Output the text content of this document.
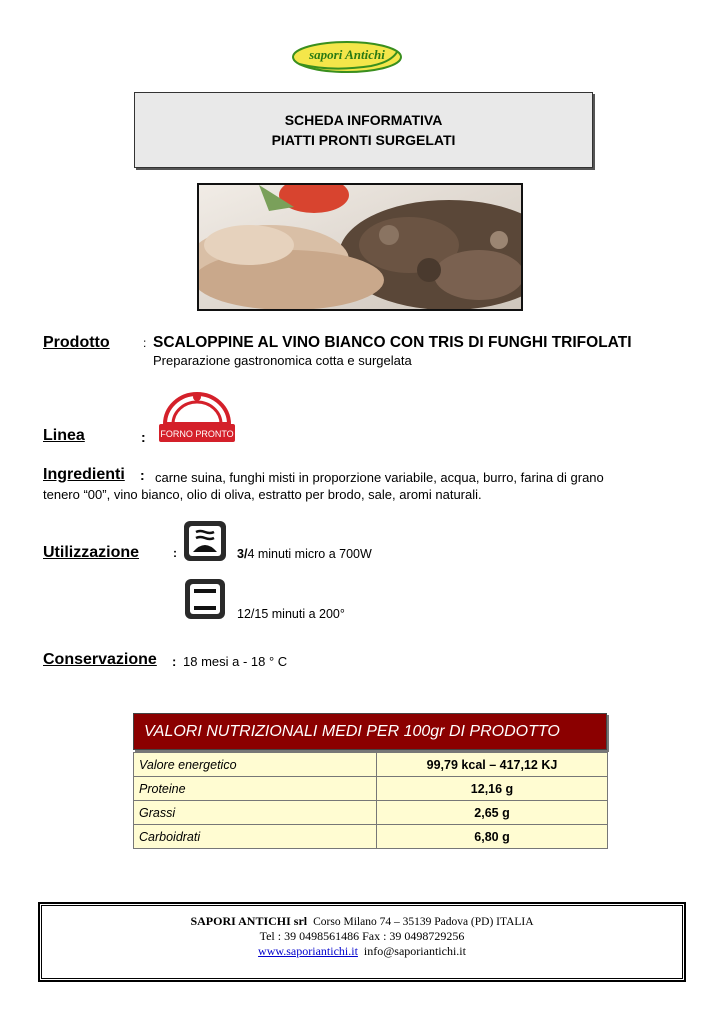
sapori Antichi
SCHEDA INFORMATIVA
PIATTI PRONTI SURGELATI
Prodotto	: SCALOPPINE AL VINO BIANCO CON TRIS DI FUNGHI TRIFOLATI
Preparazione gastronomica cotta e surgelata
Linea	: FORNO PRONTO
Ingredienti : carne suina, funghi misti in proporzione variabile, acqua, burro, farina di grano
tenero “00”, vino bianco, olio di oliva, estratto per brodo, sale, aromi naturali.
Utilizzazione	:	3/4 minuti micro a 700W
12/15 minuti a 200°
Conservazione : 18 mesi a - 18 ° C
VALORI NUTRIZIONALI MEDI PER 100gr DI PRODOTTO
Valore energetico	99,79 kcal – 417,12 KJ
Proteine	12,16 g
Grassi	2,65 g
Carboidrati	6,80 g
SAPORI ANTICHI srl Corso Milano 74 – 35139 Padova (PD) ITALIA
Tel : 39 0498561486 Fax : 39 0498729256
www.saporiantichi.it info@saporiantichi.it
